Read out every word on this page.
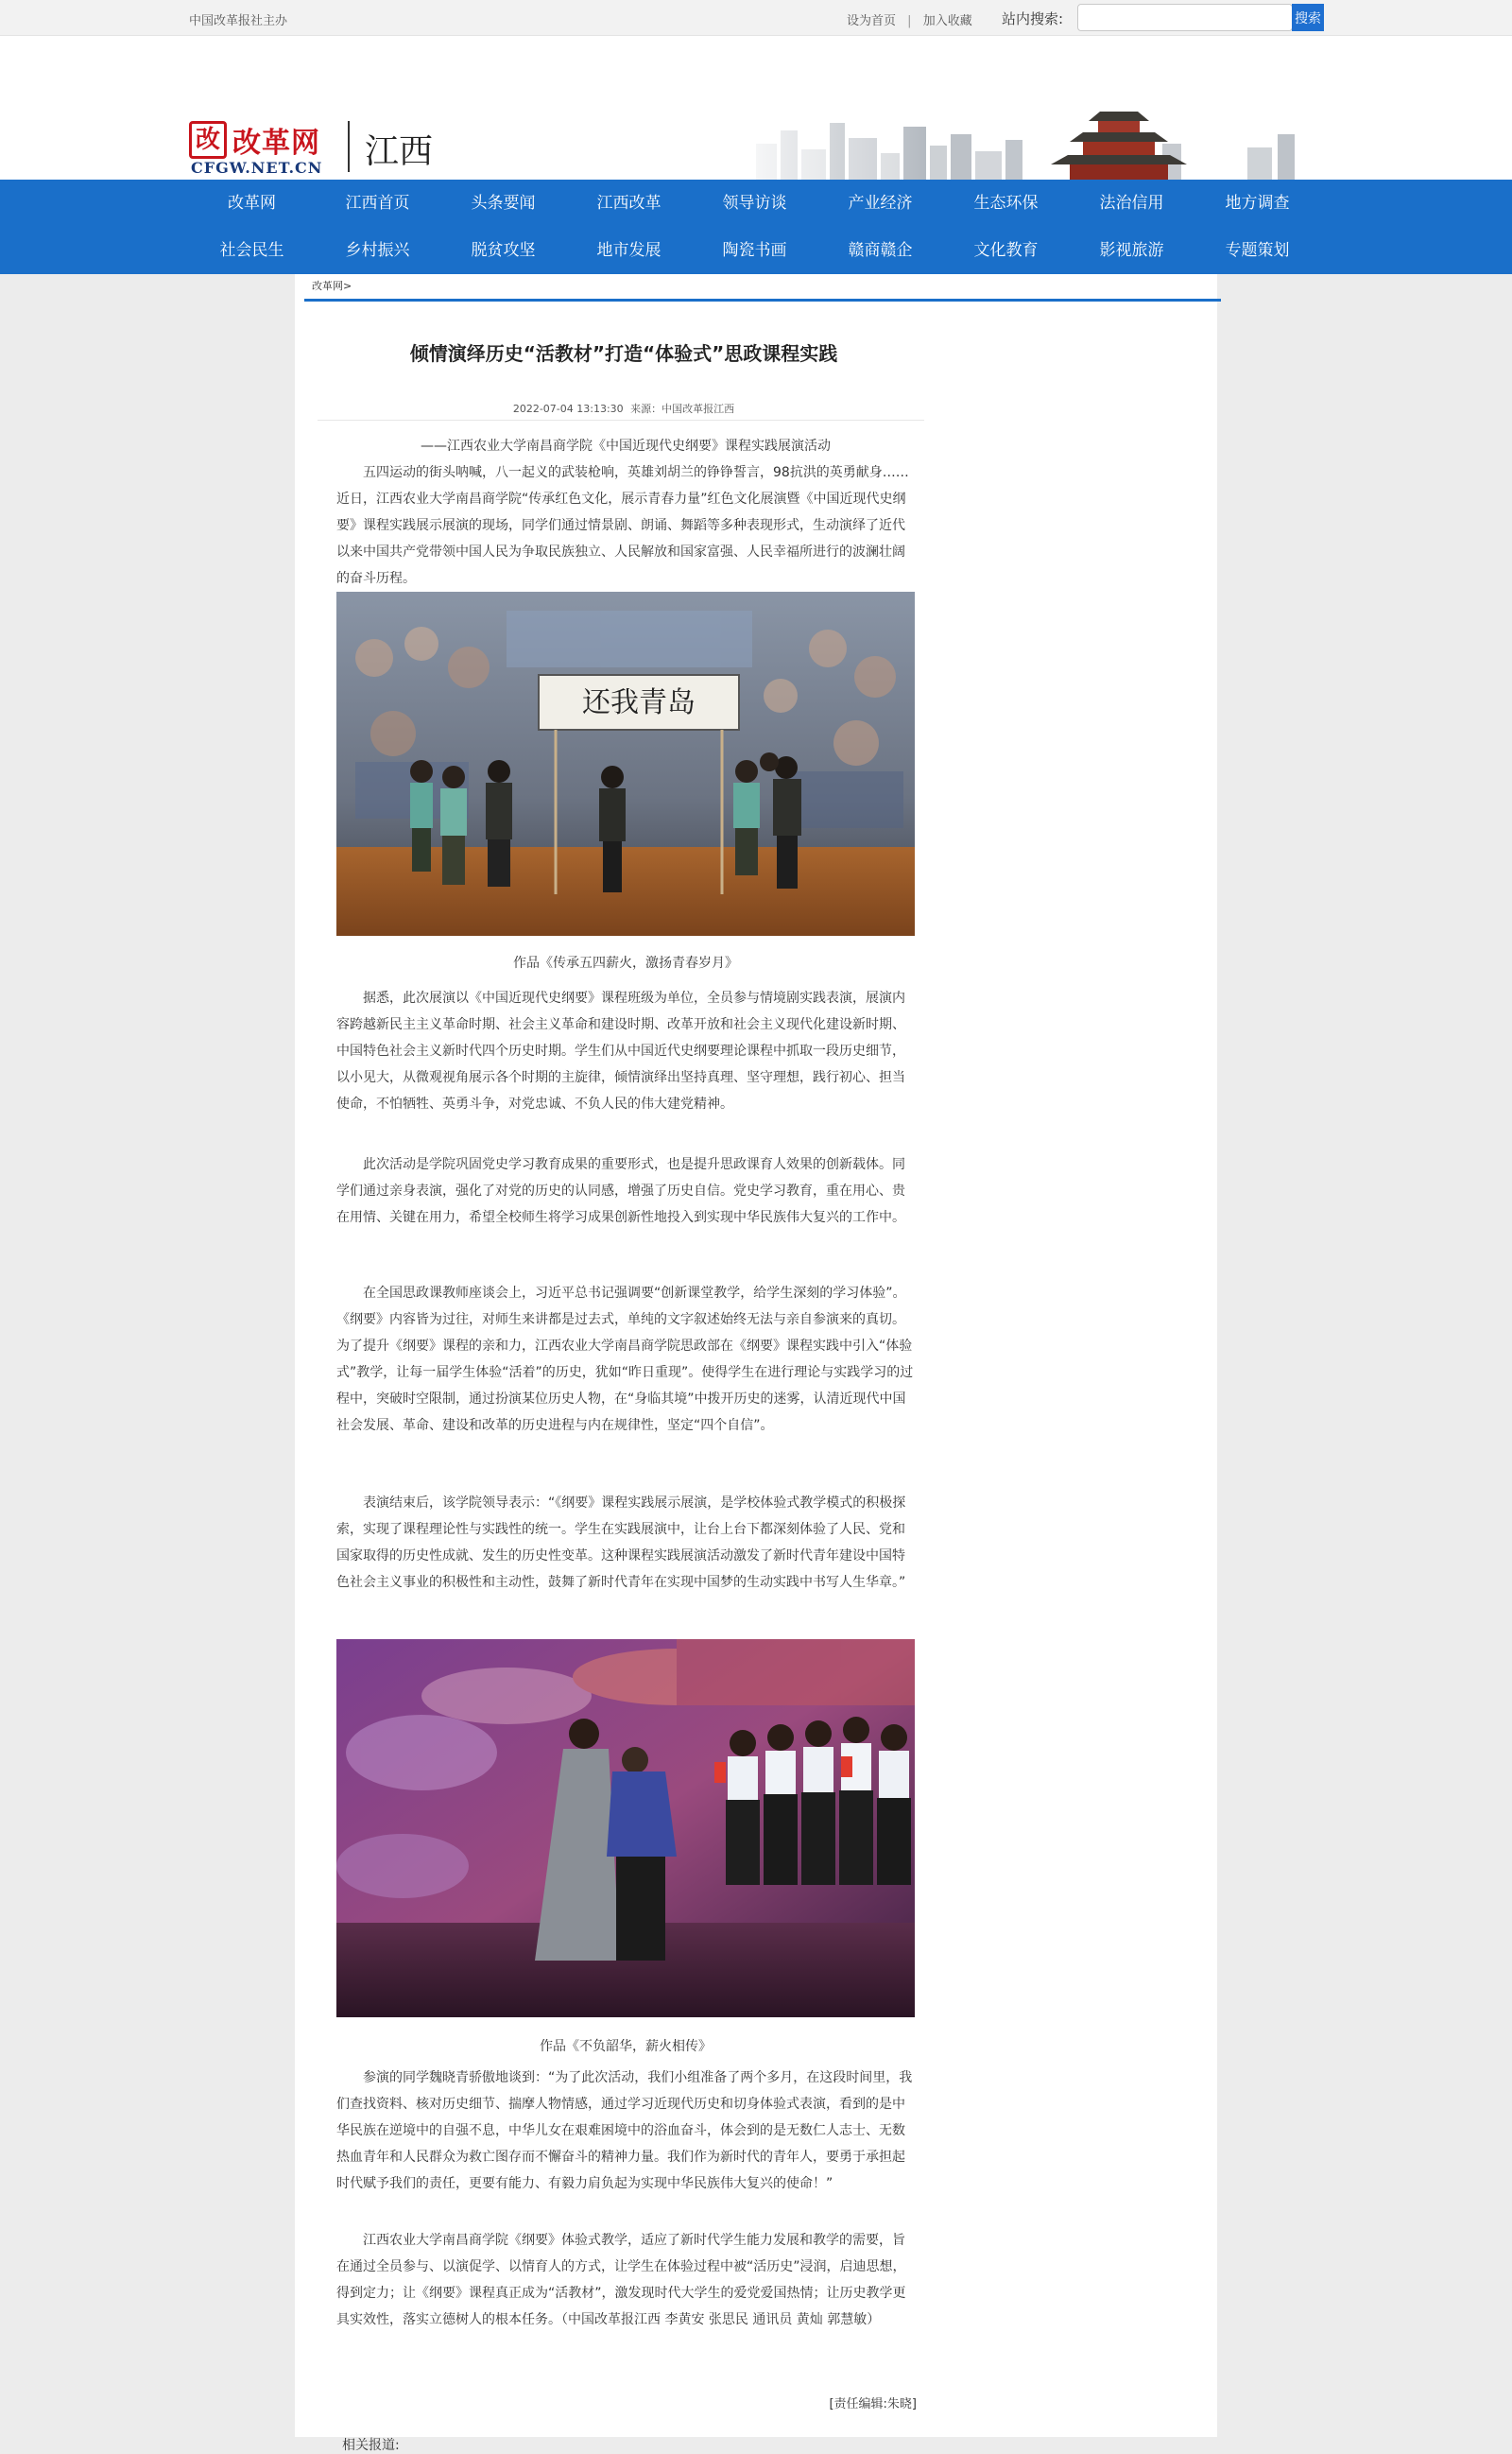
中国改革报社主办	设为首页 | 加入收藏 站内搜索:	搜索
改 改革网
CFGW.NET.CN 江西
改革网	江西首页	头条要闻	江西改革	领导访谈	产业经济	生态环保	法治信用	地方调查
社会民生	乡村振兴	脱贫攻坚	地市发展	陶瓷书画	赣商赣企	文化教育	影视旅游	专题策划
改革网>
倾情演绎历史“活教材”打造“体验式”思政课程实践
2022-07-04 13:13:30 来源：中国改革报江西
——江西农业大学南昌商学院《中国近现代史纲要》课程实践展演活动
五四运动的街头呐喊，八一起义的武装枪响，英雄刘胡兰的铮铮誓言，98抗洪的英勇献身……近日，江西农业大学南昌商学院“传承红色文化，展示青春力量”红色文化展演暨《中国近现代史纲要》课程实践展示展演的现场，同学们通过情景剧、朗诵、舞蹈等多种表现形式，生动演绎了近代以来中国共产党带领中国人民为争取民族独立、人民解放和国家富强、人民幸福所进行的波澜壮阔的奋斗历程。
还我青岛
作品《传承五四薪火，激扬青春岁月》
据悉，此次展演以《中国近现代史纲要》课程班级为单位，全员参与情境剧实践表演，展演内容跨越新民主主义革命时期、社会主义革命和建设时期、改革开放和社会主义现代化建设新时期、中国特色社会主义新时代四个历史时期。学生们从中国近代史纲要理论课程中抓取一段历史细节，以小见大，从微观视角展示各个时期的主旋律，倾情演绎出坚持真理、坚守理想，践行初心、担当使命，不怕牺牲、英勇斗争，对党忠诚、不负人民的伟大建党精神。
此次活动是学院巩固党史学习教育成果的重要形式，也是提升思政课育人效果的创新载体。同学们通过亲身表演，强化了对党的历史的认同感，增强了历史自信。党史学习教育，重在用心、贵在用情、关键在用力，希望全校师生将学习成果创新性地投入到实现中华民族伟大复兴的工作中。
在全国思政课教师座谈会上，习近平总书记强调要“创新课堂教学，给学生深刻的学习体验”。《纲要》内容皆为过往，对师生来讲都是过去式，单纯的文字叙述始终无法与亲自参演来的真切。为了提升《纲要》课程的亲和力，江西农业大学南昌商学院思政部在《纲要》课程实践中引入“体验式”教学，让每一届学生体验“活着”的历史，犹如“昨日重现”。使得学生在进行理论与实践学习的过程中，突破时空限制，通过扮演某位历史人物，在“身临其境”中拨开历史的迷雾，认清近现代中国社会发展、革命、建设和改革的历史进程与内在规律性，坚定“四个自信”。
表演结束后，该学院领导表示：“《纲要》课程实践展示展演，是学校体验式教学模式的积极探索，实现了课程理论性与实践性的统一。学生在实践展演中，让台上台下都深刻体验了人民、党和国家取得的历史性成就、发生的历史性变革。这种课程实践展演活动激发了新时代青年建设中国特色社会主义事业的积极性和主动性，鼓舞了新时代青年在实现中国梦的生动实践中书写人生华章。”
作品《不负韶华，薪火相传》
参演的同学魏晓青骄傲地谈到：“为了此次活动，我们小组准备了两个多月，在这段时间里，我们查找资料、核对历史细节、揣摩人物情感，通过学习近现代历史和切身体验式表演，看到的是中华民族在逆境中的自强不息，中华儿女在艰难困境中的浴血奋斗，体会到的是无数仁人志士、无数热血青年和人民群众为救亡图存而不懈奋斗的精神力量。我们作为新时代的青年人，要勇于承担起时代赋予我们的责任，更要有能力、有毅力肩负起为实现中华民族伟大复兴的使命！”
江西农业大学南昌商学院《纲要》体验式教学，适应了新时代学生能力发展和教学的需要，旨在通过全员参与、以演促学、以情育人的方式，让学生在体验过程中被“活历史”浸润，启迪思想，得到定力；让《纲要》课程真正成为“活教材”，激发现时代大学生的爱党爱国热情；让历史教学更具实效性，落实立德树人的根本任务。（中国改革报江西 李黄安 张思民 通讯员 黄灿 郭慧敏）
[责任编辑:朱晓]
相关报道:
